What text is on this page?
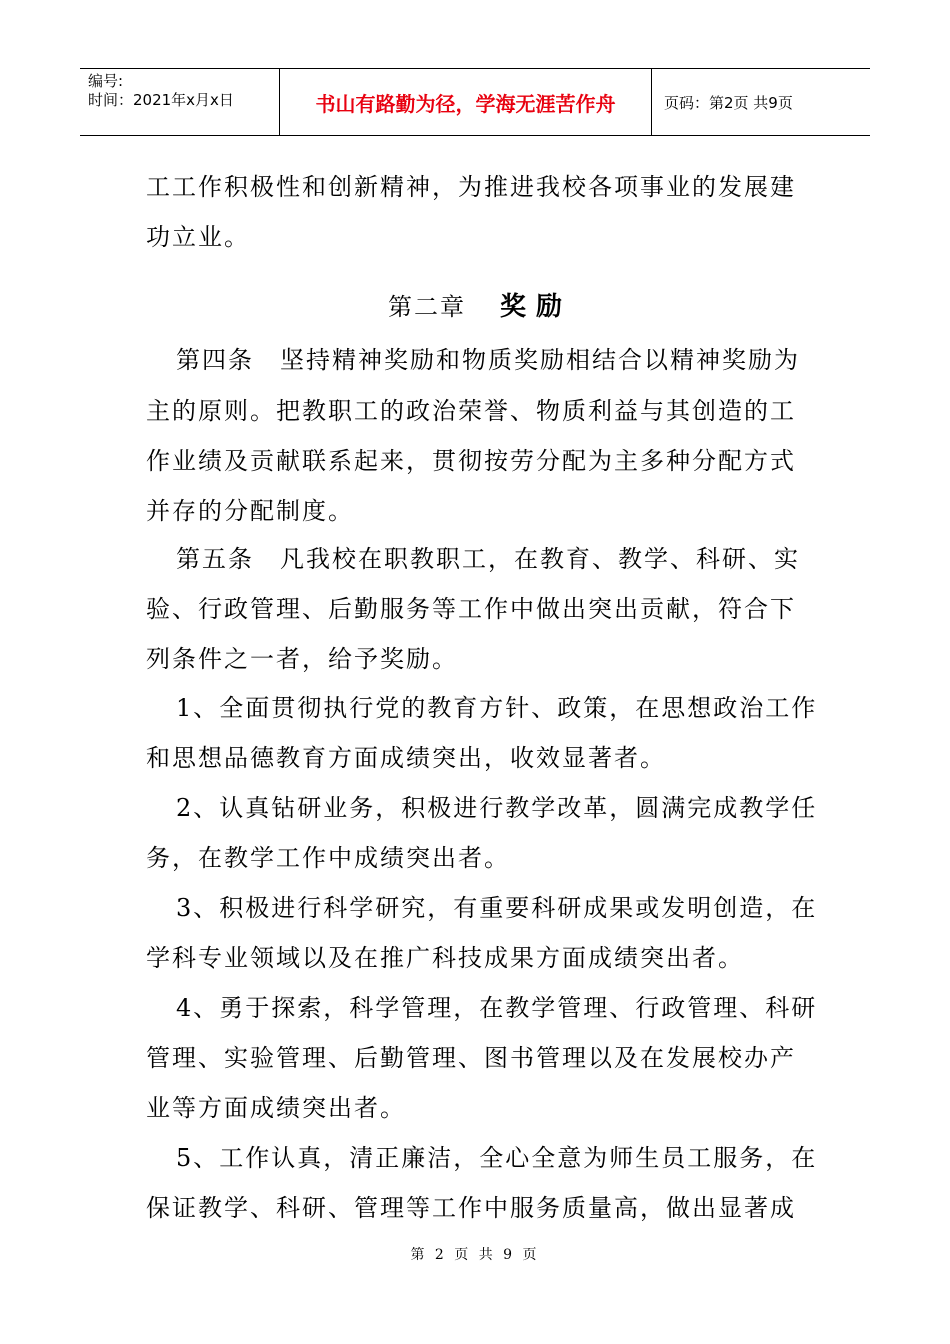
编号:
时间：2021年x月x日	书山有路勤为径，学海无涯苦作舟	页码：第2页 共9页
工工作积极性和创新精神，为推进我校各项事业的发展建
功立业。
第二章 奖励
第四条　坚持精神奖励和物质奖励相结合以精神奖励为
主的原则。把教职工的政治荣誉、物质利益与其创造的工
作业绩及贡献联系起来，贯彻按劳分配为主多种分配方式
并存的分配制度。
第五条　凡我校在职教职工，在教育、教学、科研、实
验、行政管理、后勤服务等工作中做出突出贡献，符合下
列条件之一者，给予奖励。
1、全面贯彻执行党的教育方针、政策，在思想政治工作
和思想品德教育方面成绩突出，收效显著者。
2、认真钻研业务，积极进行教学改革，圆满完成教学任
务，在教学工作中成绩突出者。
3、积极进行科学研究，有重要科研成果或发明创造，在
学科专业领域以及在推广科技成果方面成绩突出者。
4、勇于探索，科学管理，在教学管理、行政管理、科研
管理、实验管理、后勤管理、图书管理以及在发展校办产
业等方面成绩突出者。
5、工作认真，清正廉洁，全心全意为师生员工服务，在
保证教学、科研、管理等工作中服务质量高，做出显著成
第 2 页 共 9 页
